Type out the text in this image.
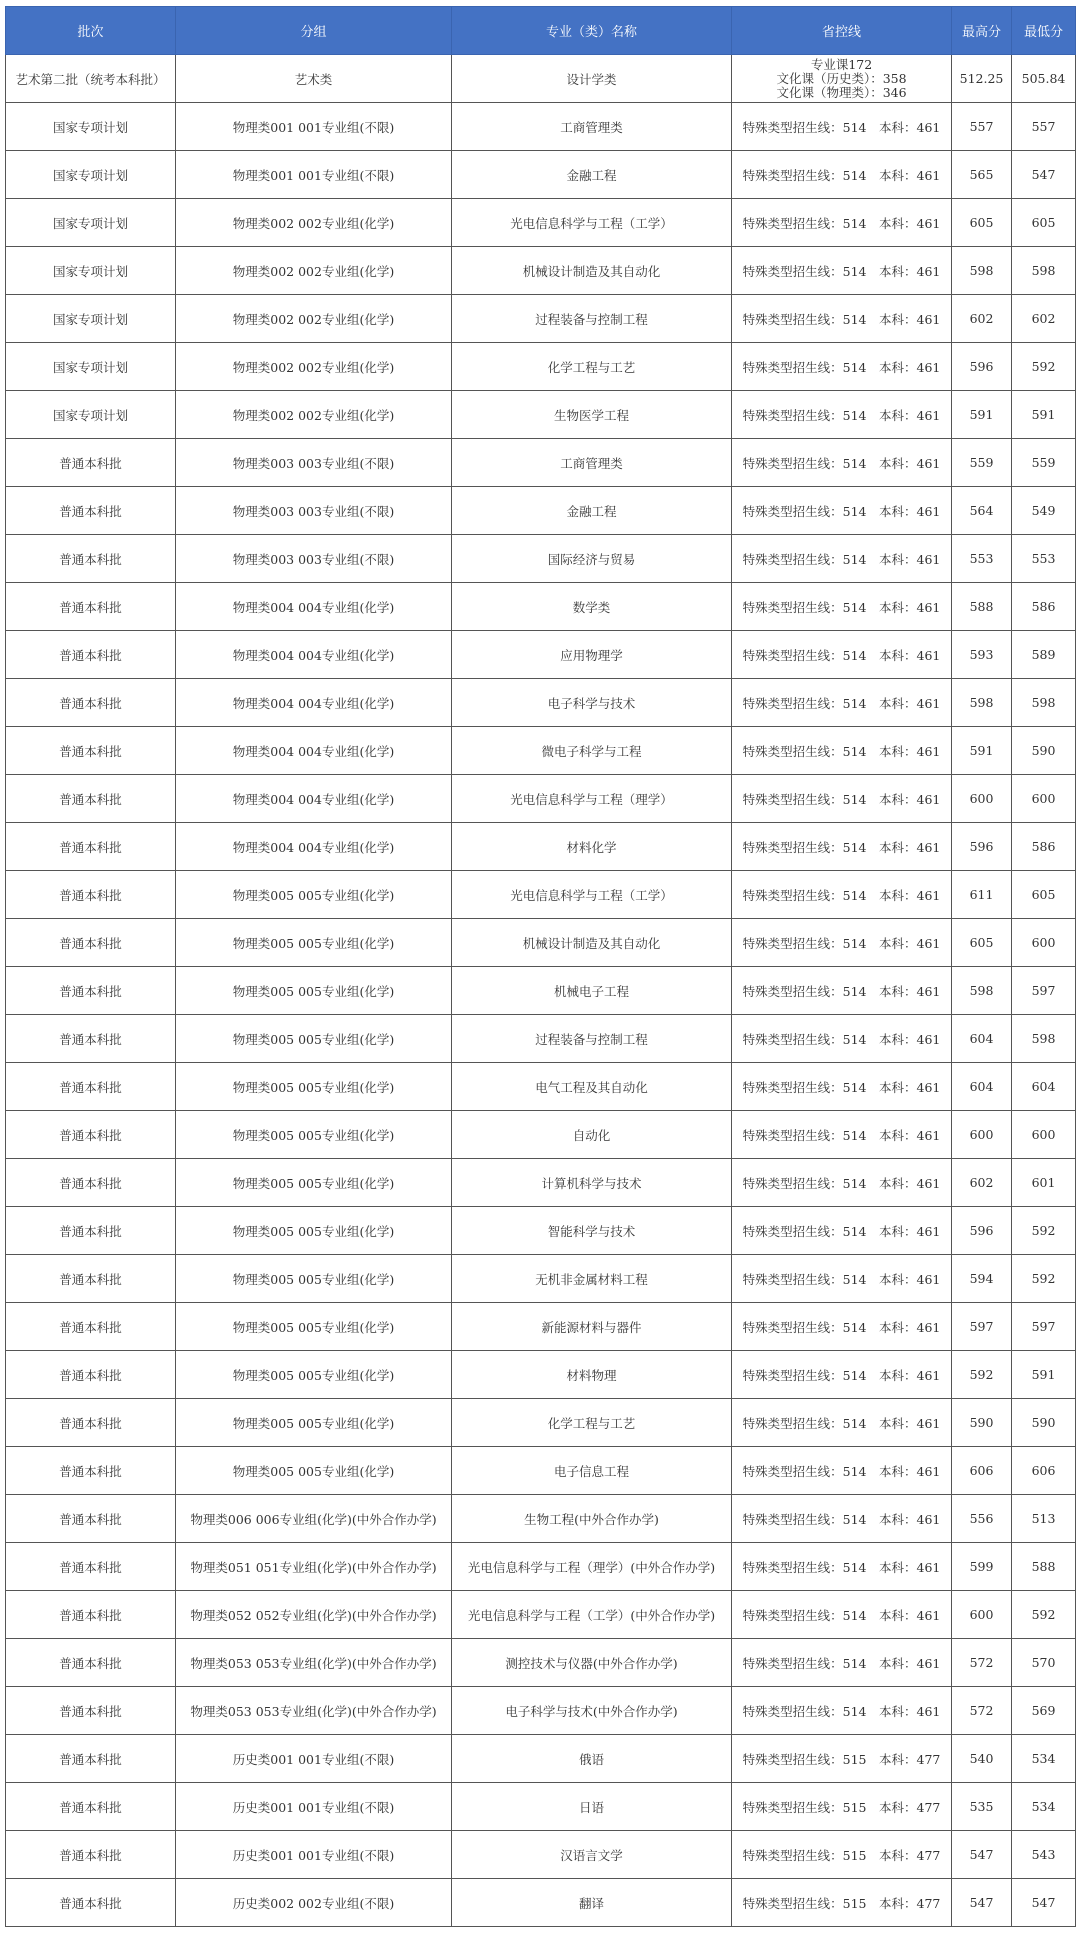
批次	分组	专业（类）名称	省控线	最高分	最低分
艺术第二批（统考本科批）	艺术类	设计学类	专业课172
文化课（历史类）：358
文化课（物理类）：346	512.25	505.84
国家专项计划	物理类001 001专业组(不限)	工商管理类	特殊类型招生线：514　本科：461	557	557
国家专项计划	物理类001 001专业组(不限)	金融工程	特殊类型招生线：514　本科：461	565	547
国家专项计划	物理类002 002专业组(化学)	光电信息科学与工程（工学）	特殊类型招生线：514　本科：461	605	605
国家专项计划	物理类002 002专业组(化学)	机械设计制造及其自动化	特殊类型招生线：514　本科：461	598	598
国家专项计划	物理类002 002专业组(化学)	过程装备与控制工程	特殊类型招生线：514　本科：461	602	602
国家专项计划	物理类002 002专业组(化学)	化学工程与工艺	特殊类型招生线：514　本科：461	596	592
国家专项计划	物理类002 002专业组(化学)	生物医学工程	特殊类型招生线：514　本科：461	591	591
普通本科批	物理类003 003专业组(不限)	工商管理类	特殊类型招生线：514　本科：461	559	559
普通本科批	物理类003 003专业组(不限)	金融工程	特殊类型招生线：514　本科：461	564	549
普通本科批	物理类003 003专业组(不限)	国际经济与贸易	特殊类型招生线：514　本科：461	553	553
普通本科批	物理类004 004专业组(化学)	数学类	特殊类型招生线：514　本科：461	588	586
普通本科批	物理类004 004专业组(化学)	应用物理学	特殊类型招生线：514　本科：461	593	589
普通本科批	物理类004 004专业组(化学)	电子科学与技术	特殊类型招生线：514　本科：461	598	598
普通本科批	物理类004 004专业组(化学)	微电子科学与工程	特殊类型招生线：514　本科：461	591	590
普通本科批	物理类004 004专业组(化学)	光电信息科学与工程（理学）	特殊类型招生线：514　本科：461	600	600
普通本科批	物理类004 004专业组(化学)	材料化学	特殊类型招生线：514　本科：461	596	586
普通本科批	物理类005 005专业组(化学)	光电信息科学与工程（工学）	特殊类型招生线：514　本科：461	611	605
普通本科批	物理类005 005专业组(化学)	机械设计制造及其自动化	特殊类型招生线：514　本科：461	605	600
普通本科批	物理类005 005专业组(化学)	机械电子工程	特殊类型招生线：514　本科：461	598	597
普通本科批	物理类005 005专业组(化学)	过程装备与控制工程	特殊类型招生线：514　本科：461	604	598
普通本科批	物理类005 005专业组(化学)	电气工程及其自动化	特殊类型招生线：514　本科：461	604	604
普通本科批	物理类005 005专业组(化学)	自动化	特殊类型招生线：514　本科：461	600	600
普通本科批	物理类005 005专业组(化学)	计算机科学与技术	特殊类型招生线：514　本科：461	602	601
普通本科批	物理类005 005专业组(化学)	智能科学与技术	特殊类型招生线：514　本科：461	596	592
普通本科批	物理类005 005专业组(化学)	无机非金属材料工程	特殊类型招生线：514　本科：461	594	592
普通本科批	物理类005 005专业组(化学)	新能源材料与器件	特殊类型招生线：514　本科：461	597	597
普通本科批	物理类005 005专业组(化学)	材料物理	特殊类型招生线：514　本科：461	592	591
普通本科批	物理类005 005专业组(化学)	化学工程与工艺	特殊类型招生线：514　本科：461	590	590
普通本科批	物理类005 005专业组(化学)	电子信息工程	特殊类型招生线：514　本科：461	606	606
普通本科批	物理类006 006专业组(化学)(中外合作办学)	生物工程(中外合作办学)	特殊类型招生线：514　本科：461	556	513
普通本科批	物理类051 051专业组(化学)(中外合作办学)	光电信息科学与工程（理学）(中外合作办学)	特殊类型招生线：514　本科：461	599	588
普通本科批	物理类052 052专业组(化学)(中外合作办学)	光电信息科学与工程（工学）(中外合作办学)	特殊类型招生线：514　本科：461	600	592
普通本科批	物理类053 053专业组(化学)(中外合作办学)	测控技术与仪器(中外合作办学)	特殊类型招生线：514　本科：461	572	570
普通本科批	物理类053 053专业组(化学)(中外合作办学)	电子科学与技术(中外合作办学)	特殊类型招生线：514　本科：461	572	569
普通本科批	历史类001 001专业组(不限)	俄语	特殊类型招生线：515　本科：477	540	534
普通本科批	历史类001 001专业组(不限)	日语	特殊类型招生线：515　本科：477	535	534
普通本科批	历史类001 001专业组(不限)	汉语言文学	特殊类型招生线：515　本科：477	547	543
普通本科批	历史类002 002专业组(不限)	翻译	特殊类型招生线：515　本科：477	547	547
